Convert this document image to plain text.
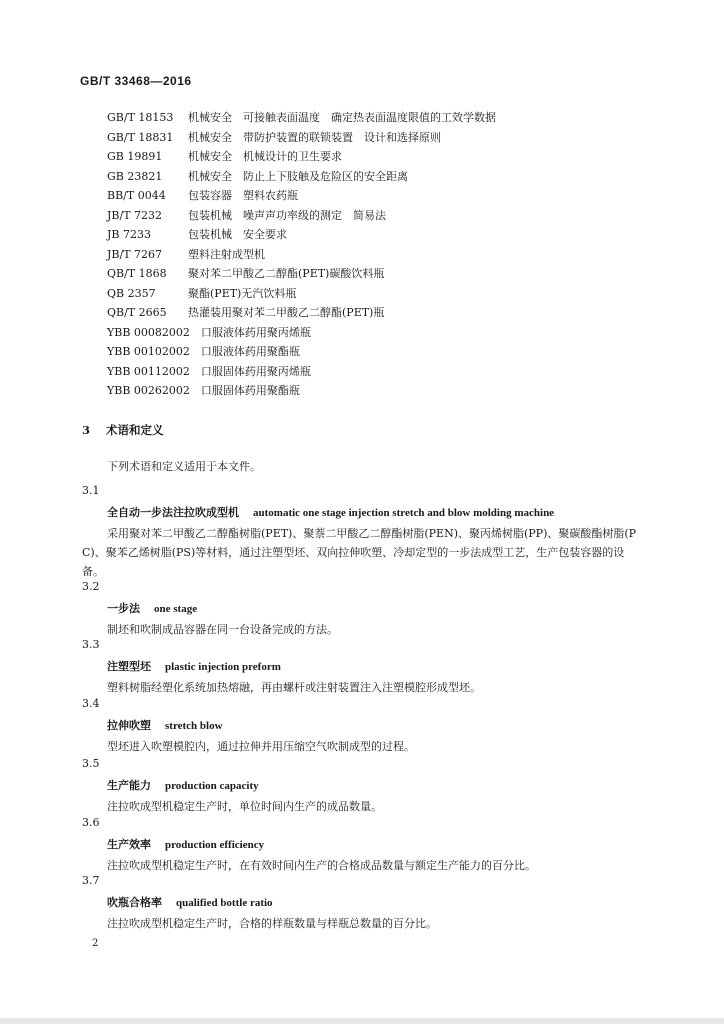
GB/T 33468—2016
GB/T 18153　 机械安全　可接触表面温度　确定热表面温度限值的工效学数据
GB/T 18831　 机械安全　带防护装置的联锁装置　设计和选择原则
GB 19891　 机械安全　机械设计的卫生要求
GB 23821　 机械安全　防止上下肢触及危险区的安全距离
BB/T 0044　 包装容器　塑料农药瓶
JB/T 7232　 包装机械　噪声声功率级的测定　简易法
JB 7233　	包装机械　安全要求
JB/T 7267　 塑料注射成型机
QB/T 1868　 聚对苯二甲酸乙二醇酯(PET)碳酸饮料瓶
QB 2357　	聚酯(PET)无汽饮料瓶
QB/T 2665　 热灌装用聚对苯二甲酸乙二醇酯(PET)瓶
YBB 00082002　 口服液体药用聚丙烯瓶
YBB 00102002　 口服液体药用聚酯瓶
YBB 00112002　 口服固体药用聚丙烯瓶
YBB 00262002　 口服固体药用聚酯瓶
3 术语和定义
下列术语和定义适用于本文件。
3.1
全自动一步法注拉吹成型机 automatic one stage injection stretch and blow molding machine
采用聚对苯二甲酸乙二醇酯树脂(PET)、聚萘二甲酸乙二醇酯树脂(PEN)、聚丙烯树脂(PP)、聚碳酸酯树脂(PC)、聚苯乙烯树脂(PS)等材料，通过注塑型坯、双向拉伸吹塑、冷却定型的一步法成型工艺，生产包装容器的设备。
3.2
一步法 one stage
制坯和吹制成品容器在同一台设备完成的方法。
3.3
注塑型坯 plastic injection preform
塑料树脂经塑化系统加热熔融，再由螺杆或注射装置注入注塑模腔形成型坯。
3.4
拉伸吹塑 stretch blow
型坯进入吹塑模腔内，通过拉伸并用压缩空气吹制成型的过程。
3.5
生产能力 production capacity
注拉吹成型机稳定生产时，单位时间内生产的成品数量。
3.6
生产效率 production efficiency
注拉吹成型机稳定生产时，在有效时间内生产的合格成品数量与额定生产能力的百分比。
3.7
吹瓶合格率 qualified bottle ratio
注拉吹成型机稳定生产时，合格的样瓶数量与样瓶总数量的百分比。
2
